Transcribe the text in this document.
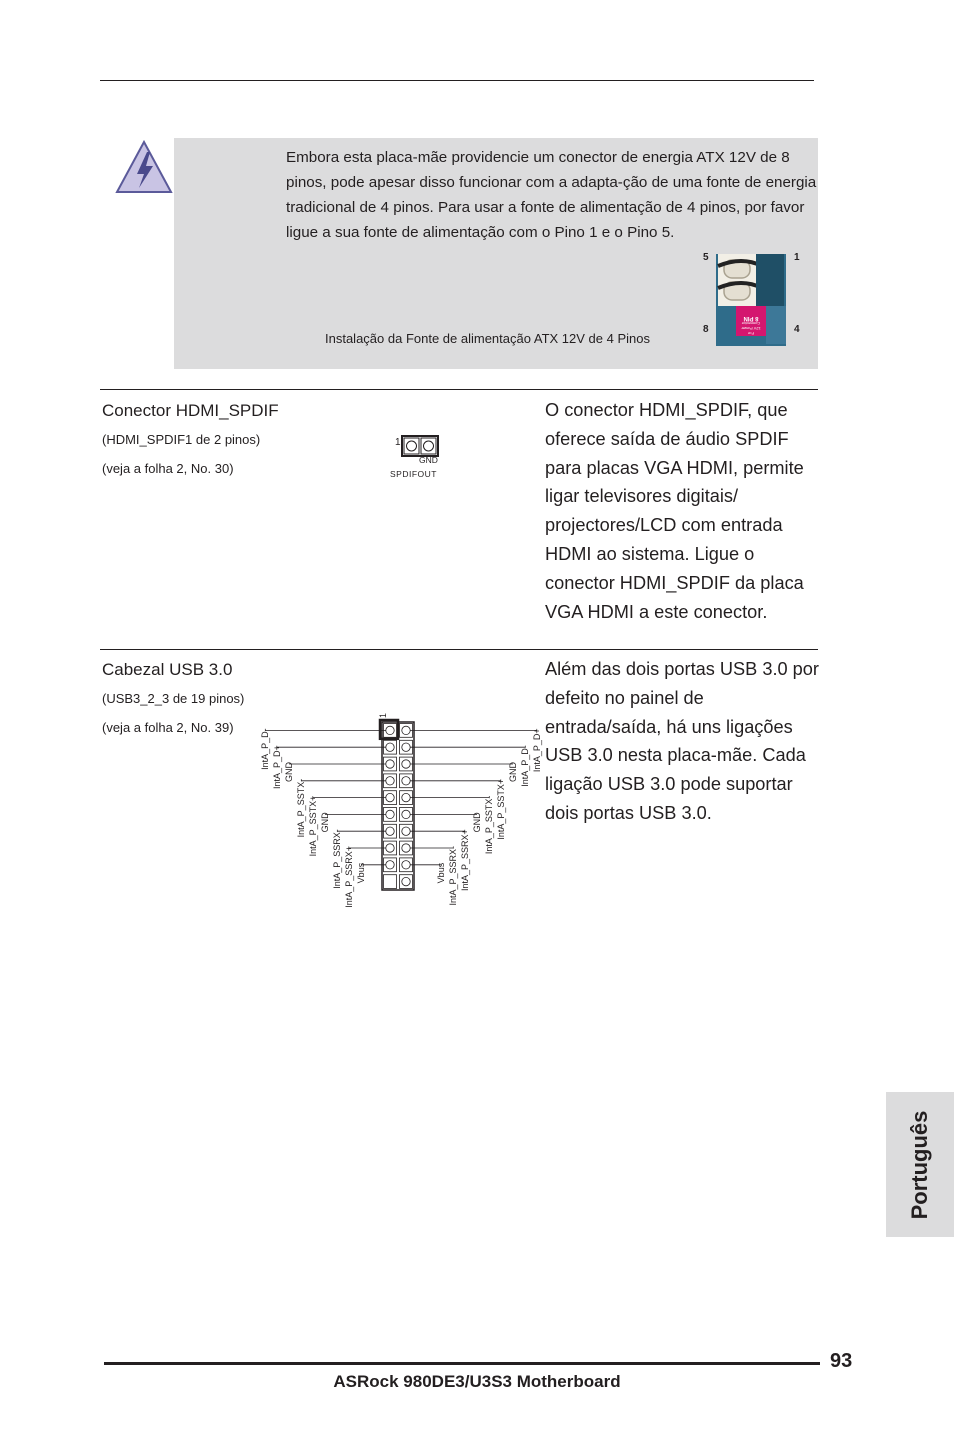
Embora esta placa-mãe providencie um conector de energia ATX 12V de 8 pinos, pode apesar disso funcionar com a adapta-ção de uma fonte de energia tradicional de 4 pinos. Para usar a fonte de alimentação de 4 pinos, por favor ligue a sua fonte de alimentação com o Pino 1 e o Pino 5.
Instalação da Fonte de alimentação ATX 12V de 4 Pinos
5	1
8	4
For
12V Power
Connector
8 PIN
Conector HDMI_SPDIF
(HDMI_SPDIF1 de 2 pinos)
(veja a folha 2, No. 30)
1
GND
SPDIFOUT
O conector HDMI_SPDIF, que oferece saída de áudio SPDIF para placas VGA HDMI, permite ligar televisores digitais/ projectores/LCD com entrada HDMI ao sistema. Ligue o conector HDMI_SPDIF da placa VGA HDMI a este conector.
Cabezal USB 3.0
(USB3_2_3 de 19 pinos)
(veja a folha 2, No. 39)
Além das dois portas USB 3.0 por defeito no painel de entrada/saída, há uns ligações USB 3.0 nesta placa-mãe. Cada ligação USB 3.0 pode suportar dois portas USB 3.0.
1
IntA_P_D- IntA_P_D+ GND
IntA_P_SSTX- IntA_P_SSTX+ GND
IntA_P_SSRX- IntA_P_SSRX+ Vbus
IntA_P_D+
IntA_P_D-
GND
IntA_P_SSTX+
IntA_P_SSTX-
GND
IntA_P_SSRX+
IntA_P_SSRX-
Vbus
Português
93
ASRock 980DE3/U3S3 Motherboard
